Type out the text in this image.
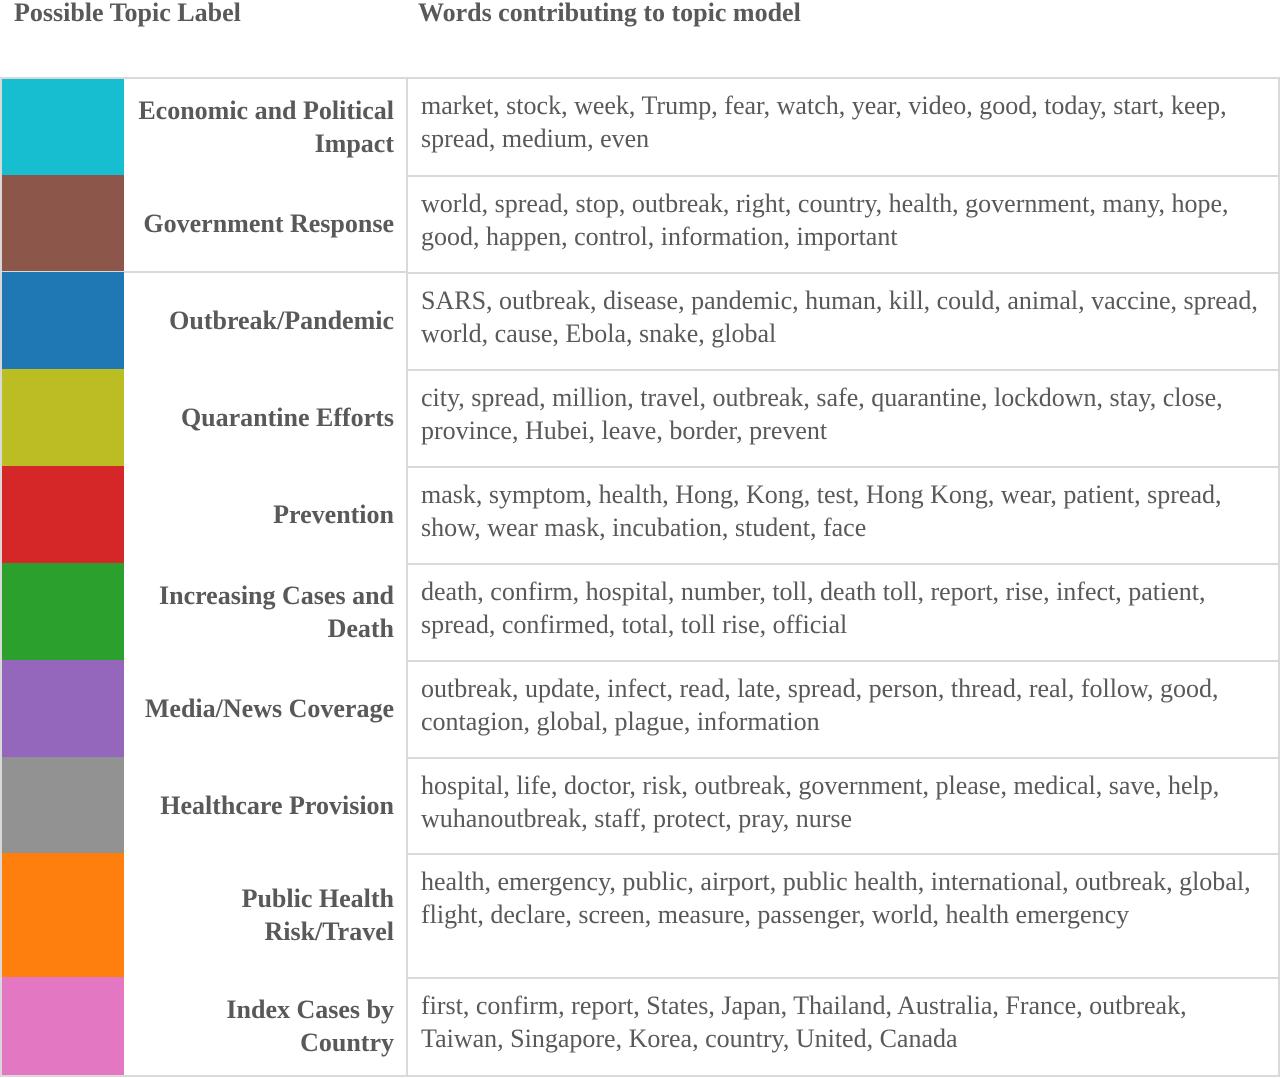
Possible Topic Label	Words contributing to topic model
Economic and Political Impact
market, stock, week, Trump, fear, watch, year, video, good, today, start, keep, spread, medium, even
Government Response
world, spread, stop, outbreak, right, country, health, government, many, hope, good, happen, control, information, important
Outbreak/Pandemic
SARS, outbreak, disease, pandemic, human, kill, could, animal, vaccine, spread, world, cause, Ebola, snake, global
Quarantine Efforts
city, spread, million, travel, outbreak, safe, quarantine, lockdown, stay, close, province, Hubei, leave, border, prevent
Prevention
mask, symptom, health, Hong, Kong, test, Hong Kong, wear, patient, spread, show, wear mask, incubation, student, face
Increasing Cases and Death
death, confirm, hospital, number, toll, death toll, report, rise, infect, patient, spread, confirmed, total, toll rise, official
Media/News Coverage
outbreak, update, infect, read, late, spread, person, thread, real, follow, good, contagion, global, plague, information
Healthcare Provision
hospital, life, doctor, risk, outbreak, government, please, medical, save, help, wuhanoutbreak, staff, protect, pray, nurse
Public Health Risk/Travel
health, emergency, public, airport, public health, international, outbreak, global, flight, declare, screen, measure, passenger, world, health emergency
Index Cases by Country
first, confirm, report, States, Japan, Thailand, Australia, France, outbreak, Taiwan, Singapore, Korea, country, United, Canada
